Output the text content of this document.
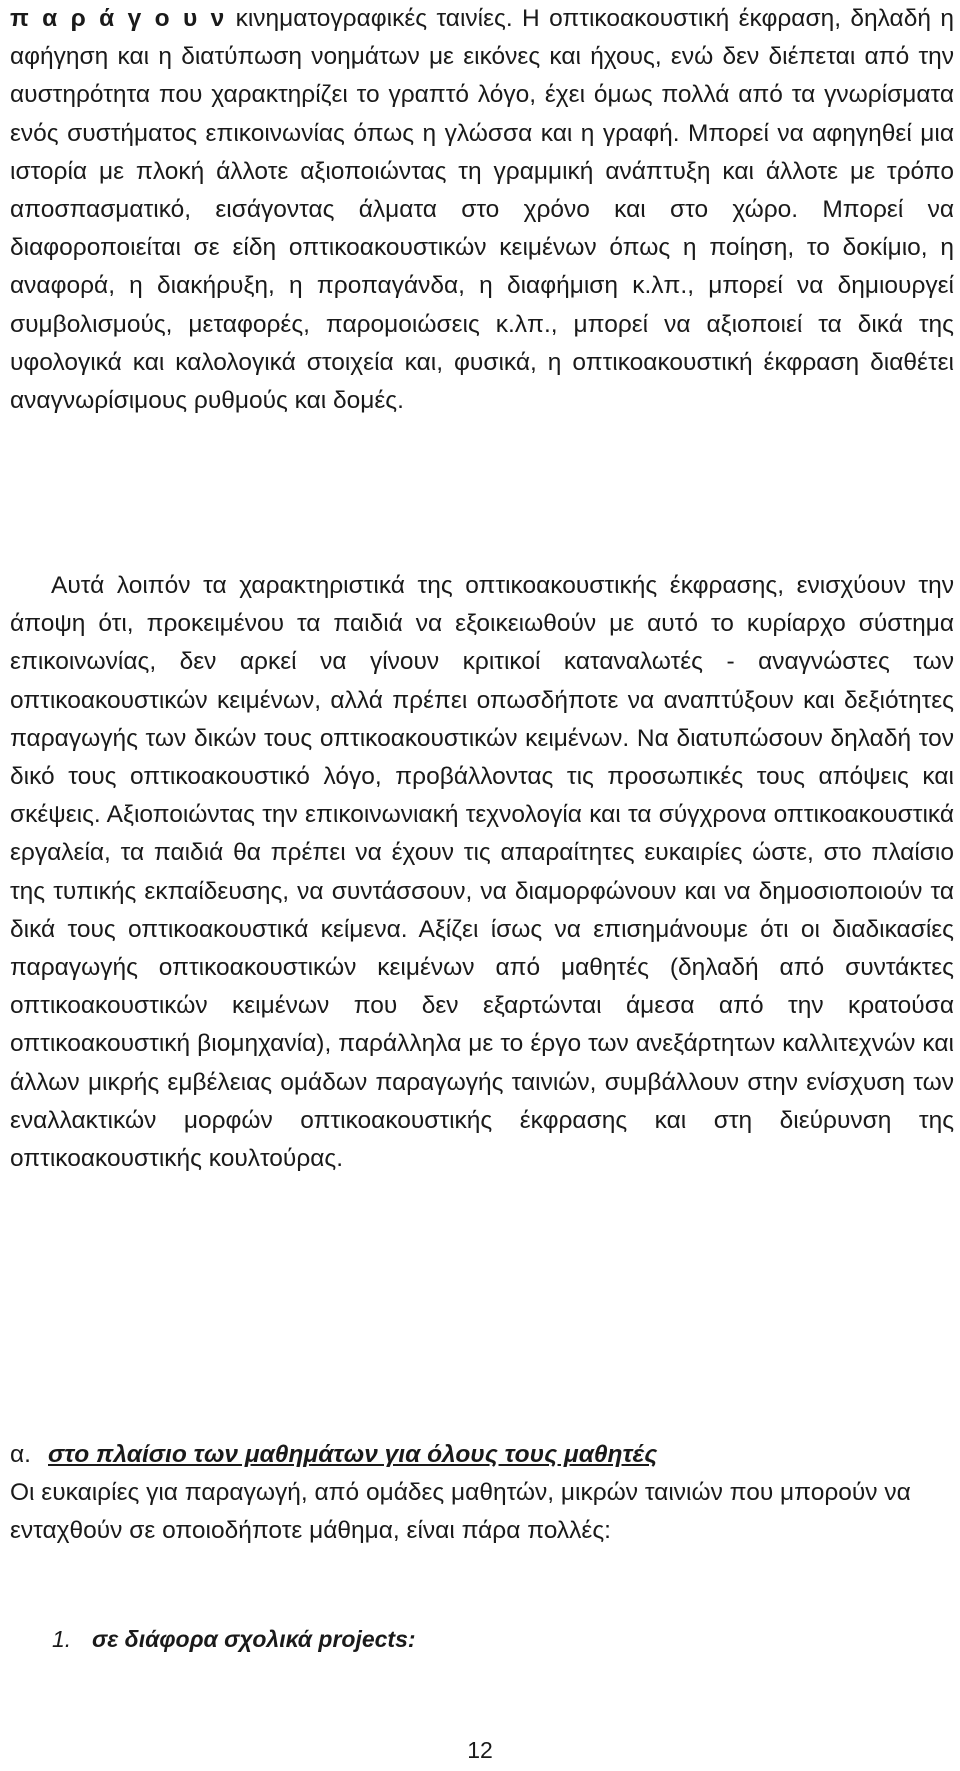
π α ρ ά γ ο υ ν κινηματογραφικές ταινίες. Η οπτικοακουστική έκφραση, δηλαδή η αφήγηση και η διατύπωση νοημάτων με εικόνες και ήχους, ενώ δεν διέπεται από την αυστηρότητα που χαρακτηρίζει το γραπτό λόγο, έχει όμως πολλά από τα γνωρίσματα ενός συστήματος επικοινωνίας όπως η γλώσσα και η γραφή. Μπορεί να αφηγηθεί μια ιστορία με πλοκή άλλοτε αξιοποιώντας τη γραμμική ανάπτυξη και άλλοτε με τρόπο αποσπασματικό, εισάγοντας άλματα στο χρόνο και στο χώρο. Μπορεί να διαφοροποιείται σε είδη οπτικοακουστικών κειμένων όπως η ποίηση, το δοκίμιο, η αναφορά, η διακήρυξη, η προπαγάνδα, η διαφήμιση κ.λπ., μπορεί να δημιουργεί συμβολισμούς, μεταφορές, παρομοιώσεις κ.λπ., μπορεί να αξιοποιεί τα δικά της υφολογικά και καλολογικά στοιχεία και, φυσικά, η οπτικοακουστική έκφραση διαθέτει αναγνωρίσιμους ρυθμούς και δομές.

Αυτά λοιπόν τα χαρακτηριστικά της οπτικοακουστικής έκφρασης, ενισχύουν την άποψη ότι, προκειμένου τα παιδιά να εξοικειωθούν με αυτό το κυρίαρχο σύστημα επικοινωνίας, δεν αρκεί να γίνουν κριτικοί καταναλωτές - αναγνώστες των οπτικοακουστικών κειμένων, αλλά πρέπει οπωσδήποτε να αναπτύξουν και δεξιότητες παραγωγής των δικών τους οπτικοακουστικών κειμένων. Να διατυπώσουν δηλαδή τον δικό τους οπτικοακουστικό λόγο, προβάλλοντας τις προσωπικές τους απόψεις και σκέψεις. Αξιοποιώντας την επικοινωνιακή τεχνολογία και τα σύγχρονα οπτικοακουστικά εργαλεία, τα παιδιά θα πρέπει να έχουν τις απαραίτητες ευκαιρίες ώστε, στο πλαίσιο της τυπικής εκπαίδευσης, να συντάσσουν, να διαμορφώνουν και να δημοσιοποιούν τα δικά τους οπτικοακουστικά κείμενα. Αξίζει ίσως να επισημάνουμε ότι οι διαδικασίες παραγωγής οπτικοακουστικών κειμένων από μαθητές (δηλαδή από συντάκτες οπτικοακουστικών κειμένων που δεν εξαρτώνται άμεσα από την κρατούσα οπτικοακουστική βιομηχανία), παράλληλα με το έργο των ανεξάρτητων καλλιτεχνών και άλλων μικρής εμβέλειας ομάδων παραγωγής ταινιών, συμβάλλουν στην ενίσχυση των εναλλακτικών μορφών οπτικοακουστικής έκφρασης και στη διεύρυνση της οπτικοακουστικής κουλτούρας.

α. στο πλαίσιο των μαθημάτων για όλους τους μαθητές

Οι ευκαιρίες για παραγωγή, από ομάδες μαθητών, μικρών ταινιών που μπορούν να ενταχθούν σε οποιοδήποτε μάθημα, είναι πάρα πολλές:

1. σε διάφορα σχολικά projects:

12
